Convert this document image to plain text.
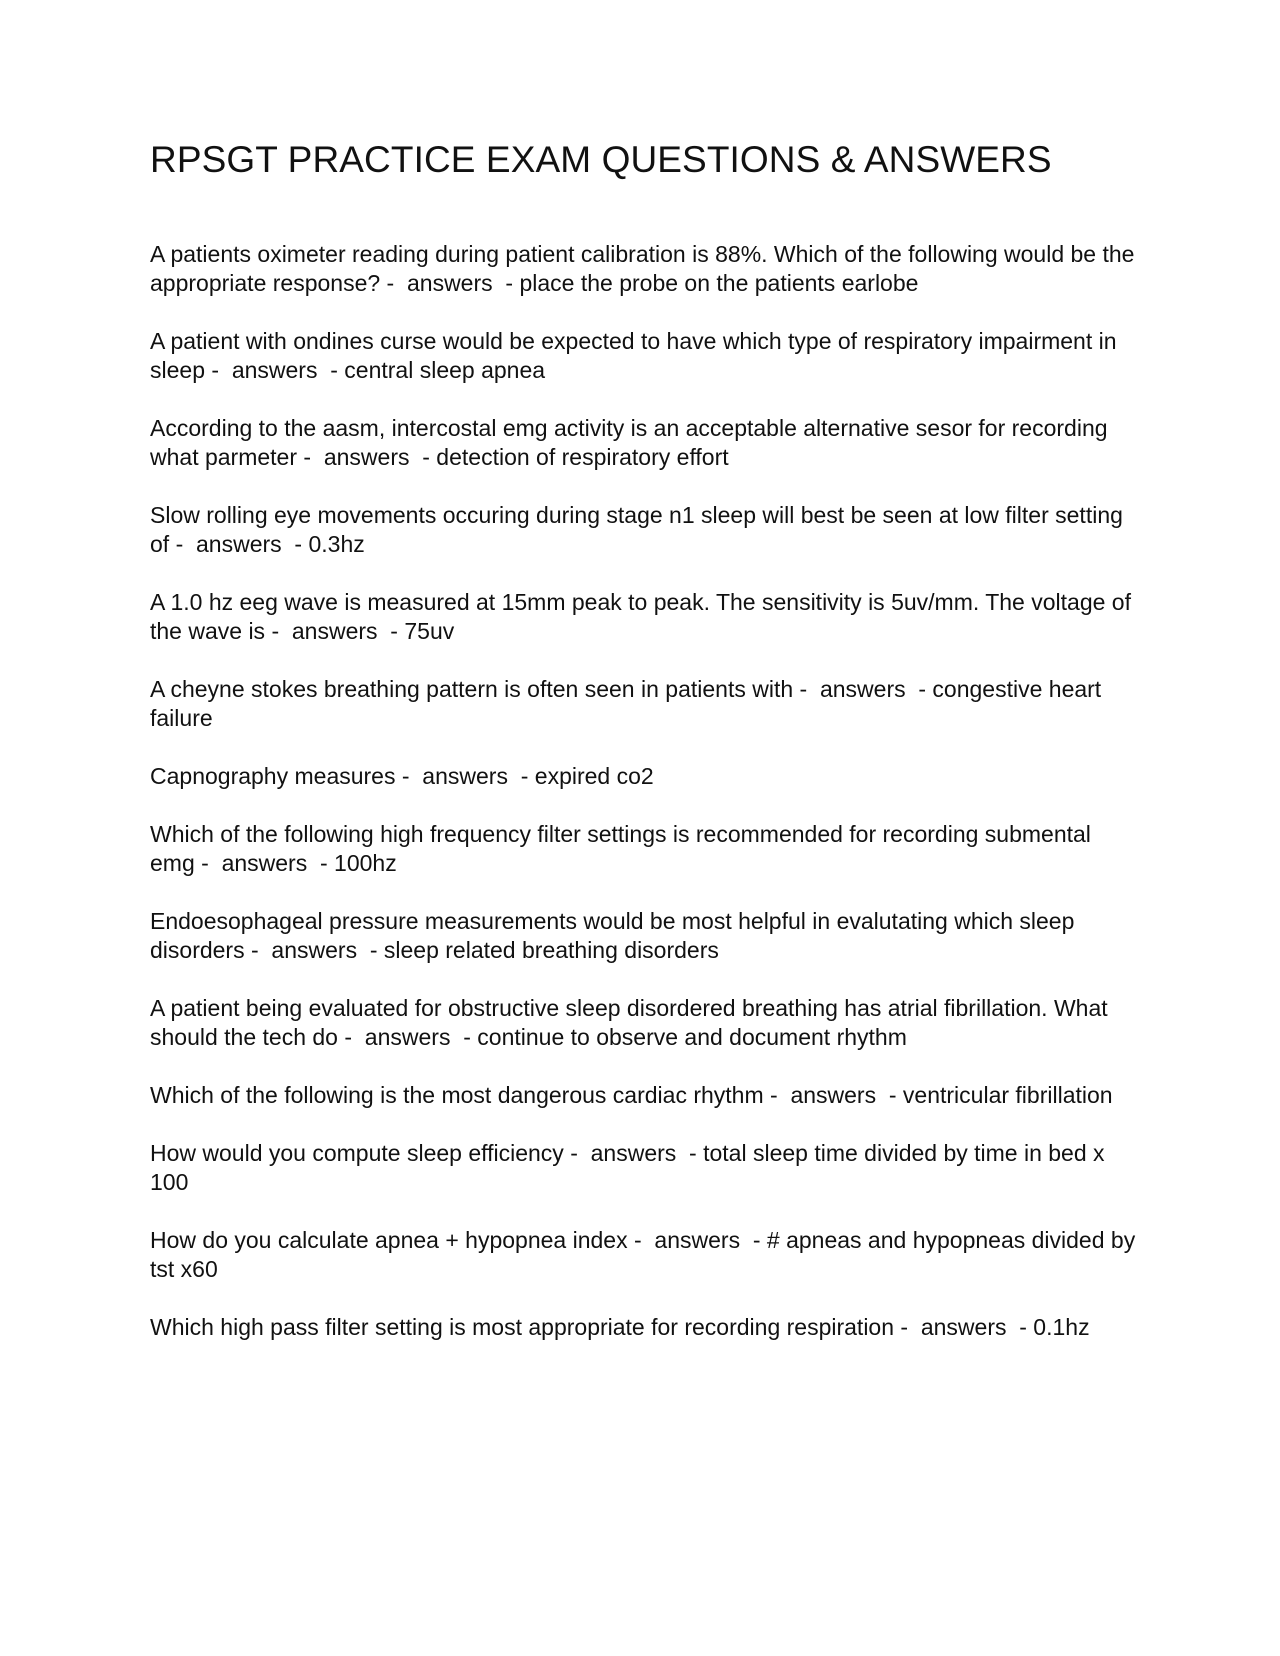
RPSGT PRACTICE EXAM QUESTIONS & ANSWERS
A patients oximeter reading during patient calibration is 88%. Which of the following would be the appropriate response? -  answers  - place the probe on the patients earlobe
A patient with ondines curse would be expected to have which type of respiratory impairment in sleep -  answers  - central sleep apnea
According to the aasm, intercostal emg activity is an acceptable alternative sesor for recording what parmeter -  answers  - detection of respiratory effort
Slow rolling eye movements occuring during stage n1 sleep will best be seen at low filter setting of -  answers  - 0.3hz
A 1.0 hz eeg wave is measured at 15mm peak to peak. The sensitivity is 5uv/mm. The voltage of the wave is -  answers  - 75uv
A cheyne stokes breathing pattern is often seen in patients with -  answers  - congestive heart failure
Capnography measures -  answers  - expired co2
Which of the following high frequency filter settings is recommended for recording submental emg -  answers  - 100hz
Endoesophageal pressure measurements would be most helpful in evalutating which sleep disorders -  answers  - sleep related breathing disorders
A patient being evaluated for obstructive sleep disordered breathing has atrial fibrillation. What should the tech do -  answers  - continue to observe and document rhythm
Which of the following is the most dangerous cardiac rhythm -  answers  - ventricular fibrillation
How would you compute sleep efficiency -  answers  - total sleep time divided by time in bed x 100
How do you calculate apnea + hypopnea index -  answers  - # apneas and hypopneas divided by tst x60
Which high pass filter setting is most appropriate for recording respiration -  answers  - 0.1hz
